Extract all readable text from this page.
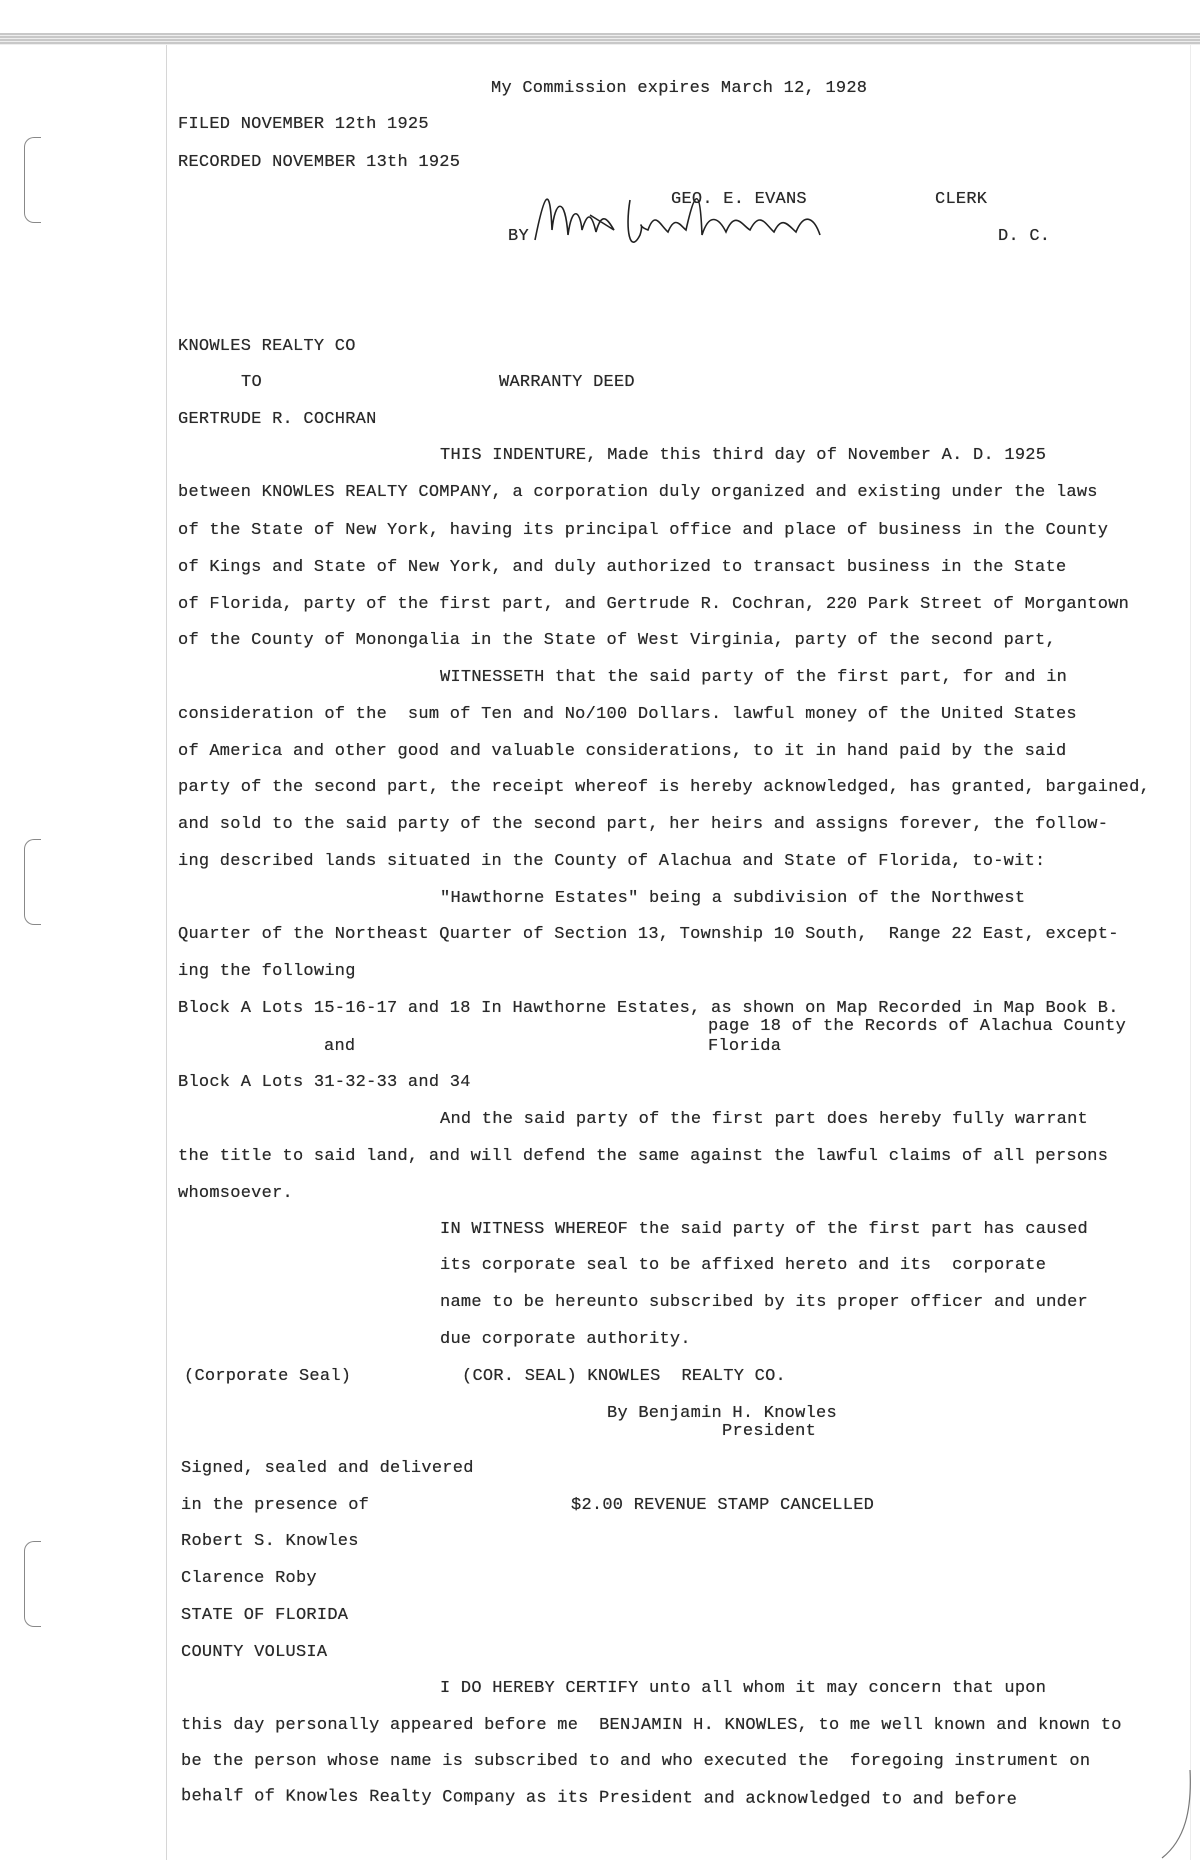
My Commission expires March 12, 1928
FILED NOVEMBER 12th 1925
RECORDED NOVEMBER 13th 1925
GEO. E. EVANS	CLERK
BY	D. C.
KNOWLES REALTY CO
TO	WARRANTY DEED
GERTRUDE R. COCHRAN
THIS INDENTURE, Made this third day of November A. D. 1925
between KNOWLES REALTY COMPANY, a corporation duly organized and existing under the laws
of the State of New York, having its principal office and place of business in the County
of Kings and State of New York, and duly authorized to transact business in the State
of Florida, party of the first part, and Gertrude R. Cochran, 220 Park Street of Morgantown
of the County of Monongalia in the State of West Virginia, party of the second part,
WITNESSETH that the said party of the first part, for and in
consideration of the  sum of Ten and No/100 Dollars. lawful money of the United States
of America and other good and valuable considerations, to it in hand paid by the said
party of the second part, the receipt whereof is hereby acknowledged, has granted, bargained,
and sold to the said party of the second part, her heirs and assigns forever, the follow-
ing described lands situated in the County of Alachua and State of Florida, to-wit:
"Hawthorne Estates" being a subdivision of the Northwest
Quarter of the Northeast Quarter of Section 13, Township 10 South,  Range 22 East, except-
ing the following
Block A Lots 15-16-17 and 18 In Hawthorne Estates, as shown on Map Recorded in Map Book B.
page 18 of the Records of Alachua County
and	Florida
Block A Lots 31-32-33 and 34
And the said party of the first part does hereby fully warrant
the title to said land, and will defend the same against the lawful claims of all persons
whomsoever.
IN WITNESS WHEREOF the said party of the first part has caused
its corporate seal to be affixed hereto and its  corporate
name to be hereunto subscribed by its proper officer and under
due corporate authority.
(Corporate Seal)	(COR. SEAL) KNOWLES  REALTY CO.
By Benjamin H. Knowles
President
Signed, sealed and delivered
in the presence of	$2.00 REVENUE STAMP CANCELLED
Robert S. Knowles
Clarence Roby
STATE OF FLORIDA
COUNTY VOLUSIA
I DO HEREBY CERTIFY unto all whom it may concern that upon
this day personally appeared before me  BENJAMIN H. KNOWLES, to me well known and known to
be the person whose name is subscribed to and who executed the  foregoing instrument on
behalf of Knowles Realty Company as its President and acknowledged to and before
